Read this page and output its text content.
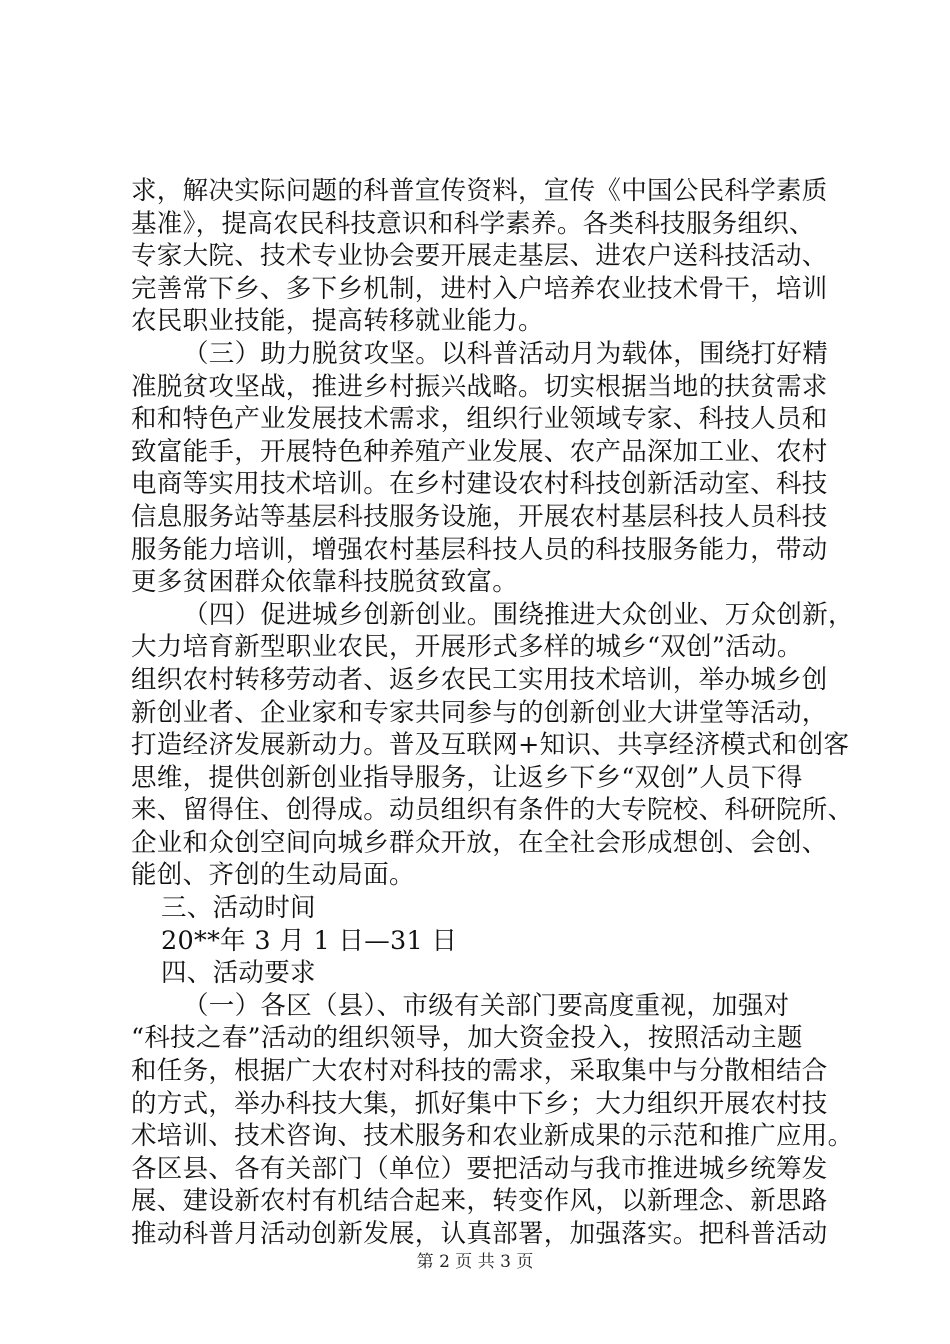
求，解决实际问题的科普宣传资料，宣传《中国公民科学素质
基准》，提高农民科技意识和科学素养。各类科技服务组织、
专家大院、技术专业协会要开展走基层、进农户送科技活动、
完善常下乡、多下乡机制，进村入户培养农业技术骨干，培训
农民职业技能，提高转移就业能力。
（三）助力脱贫攻坚。以科普活动月为载体，围绕打好精
准脱贫攻坚战，推进乡村振兴战略。切实根据当地的扶贫需求
和和特色产业发展技术需求，组织行业领域专家、科技人员和
致富能手，开展特色种养殖产业发展、农产品深加工业、农村
电商等实用技术培训。在乡村建设农村科技创新活动室、科技
信息服务站等基层科技服务设施，开展农村基层科技人员科技
服务能力培训，增强农村基层科技人员的科技服务能力，带动
更多贫困群众依靠科技脱贫致富。
（四）促进城乡创新创业。围绕推进大众创业、万众创新，
大力培育新型职业农民，开展形式多样的城乡“双创”活动。
组织农村转移劳动者、返乡农民工实用技术培训，举办城乡创
新创业者、企业家和专家共同参与的创新创业大讲堂等活动，
打造经济发展新动力。普及互联网+知识、共享经济模式和创客
思维，提供创新创业指导服务，让返乡下乡“双创”人员下得
来、留得住、创得成。动员组织有条件的大专院校、科研院所、
企业和众创空间向城乡群众开放，在全社会形成想创、会创、
能创、齐创的生动局面。
三、活动时间
20**年 3 月 1 日—31 日
四、活动要求
（一）各区（县）、市级有关部门要高度重视，加强对
“科技之春”活动的组织领导，加大资金投入，按照活动主题
和任务，根据广大农村对科技的需求，采取集中与分散相结合
的方式，举办科技大集，抓好集中下乡；大力组织开展农村技
术培训、技术咨询、技术服务和农业新成果的示范和推广应用。
各区县、各有关部门（单位）要把活动与我市推进城乡统筹发
展、建设新农村有机结合起来，转变作风，以新理念、新思路
推动科普月活动创新发展，认真部署，加强落实。把科普活动
第 2 页 共 3 页
